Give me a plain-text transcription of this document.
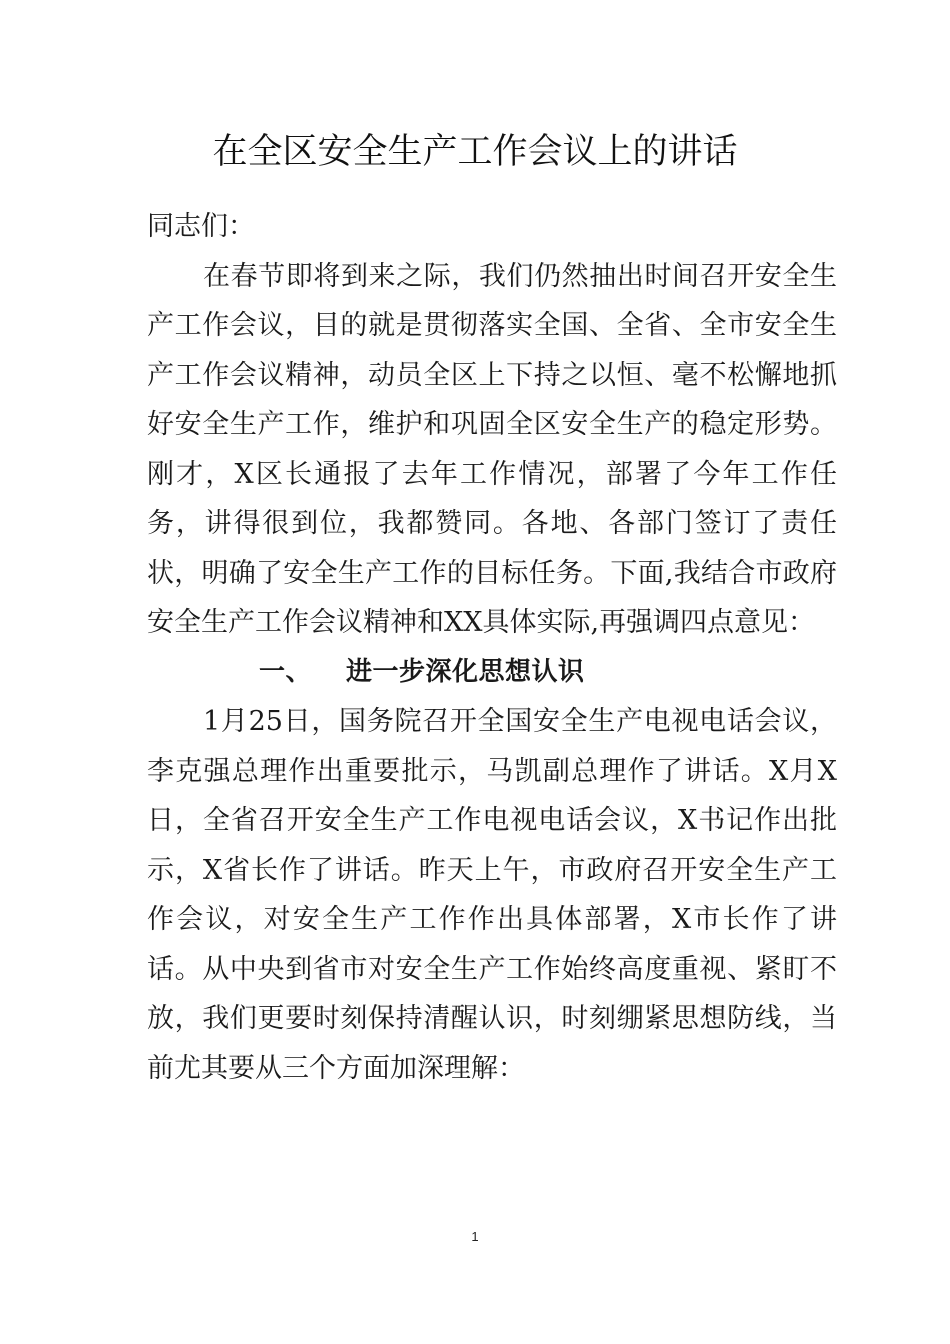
在全区安全生产工作会议上的讲话

同志们：

在春节即将到来之际，我们仍然抽出时间召开安全生产工作会议，目的就是贯彻落实全国、全省、全市安全生产工作会议精神，动员全区上下持之以恒、毫不松懈地抓好安全生产工作，维护和巩固全区安全生产的稳定形势。刚才，X区长通报了去年工作情况，部署了今年工作任务，讲得很到位，我都赞同。各地、各部门签订了责任状，明确了安全生产工作的目标任务。下面,我结合市政府安全生产工作会议精神和XX具体实际,再强调四点意见：

一、 进一步深化思想认识

1月25日，国务院召开全国安全生产电视电话会议，李克强总理作出重要批示，马凯副总理作了讲话。X月X日，全省召开安全生产工作电视电话会议，X书记作出批示，X省长作了讲话。昨天上午，市政府召开安全生产工作会议，对安全生产工作作出具体部署，X市长作了讲话。从中央到省市对安全生产工作始终高度重视、紧盯不放，我们更要时刻保持清醒认识，时刻绷紧思想防线，当前尤其要从三个方面加深理解：

1
